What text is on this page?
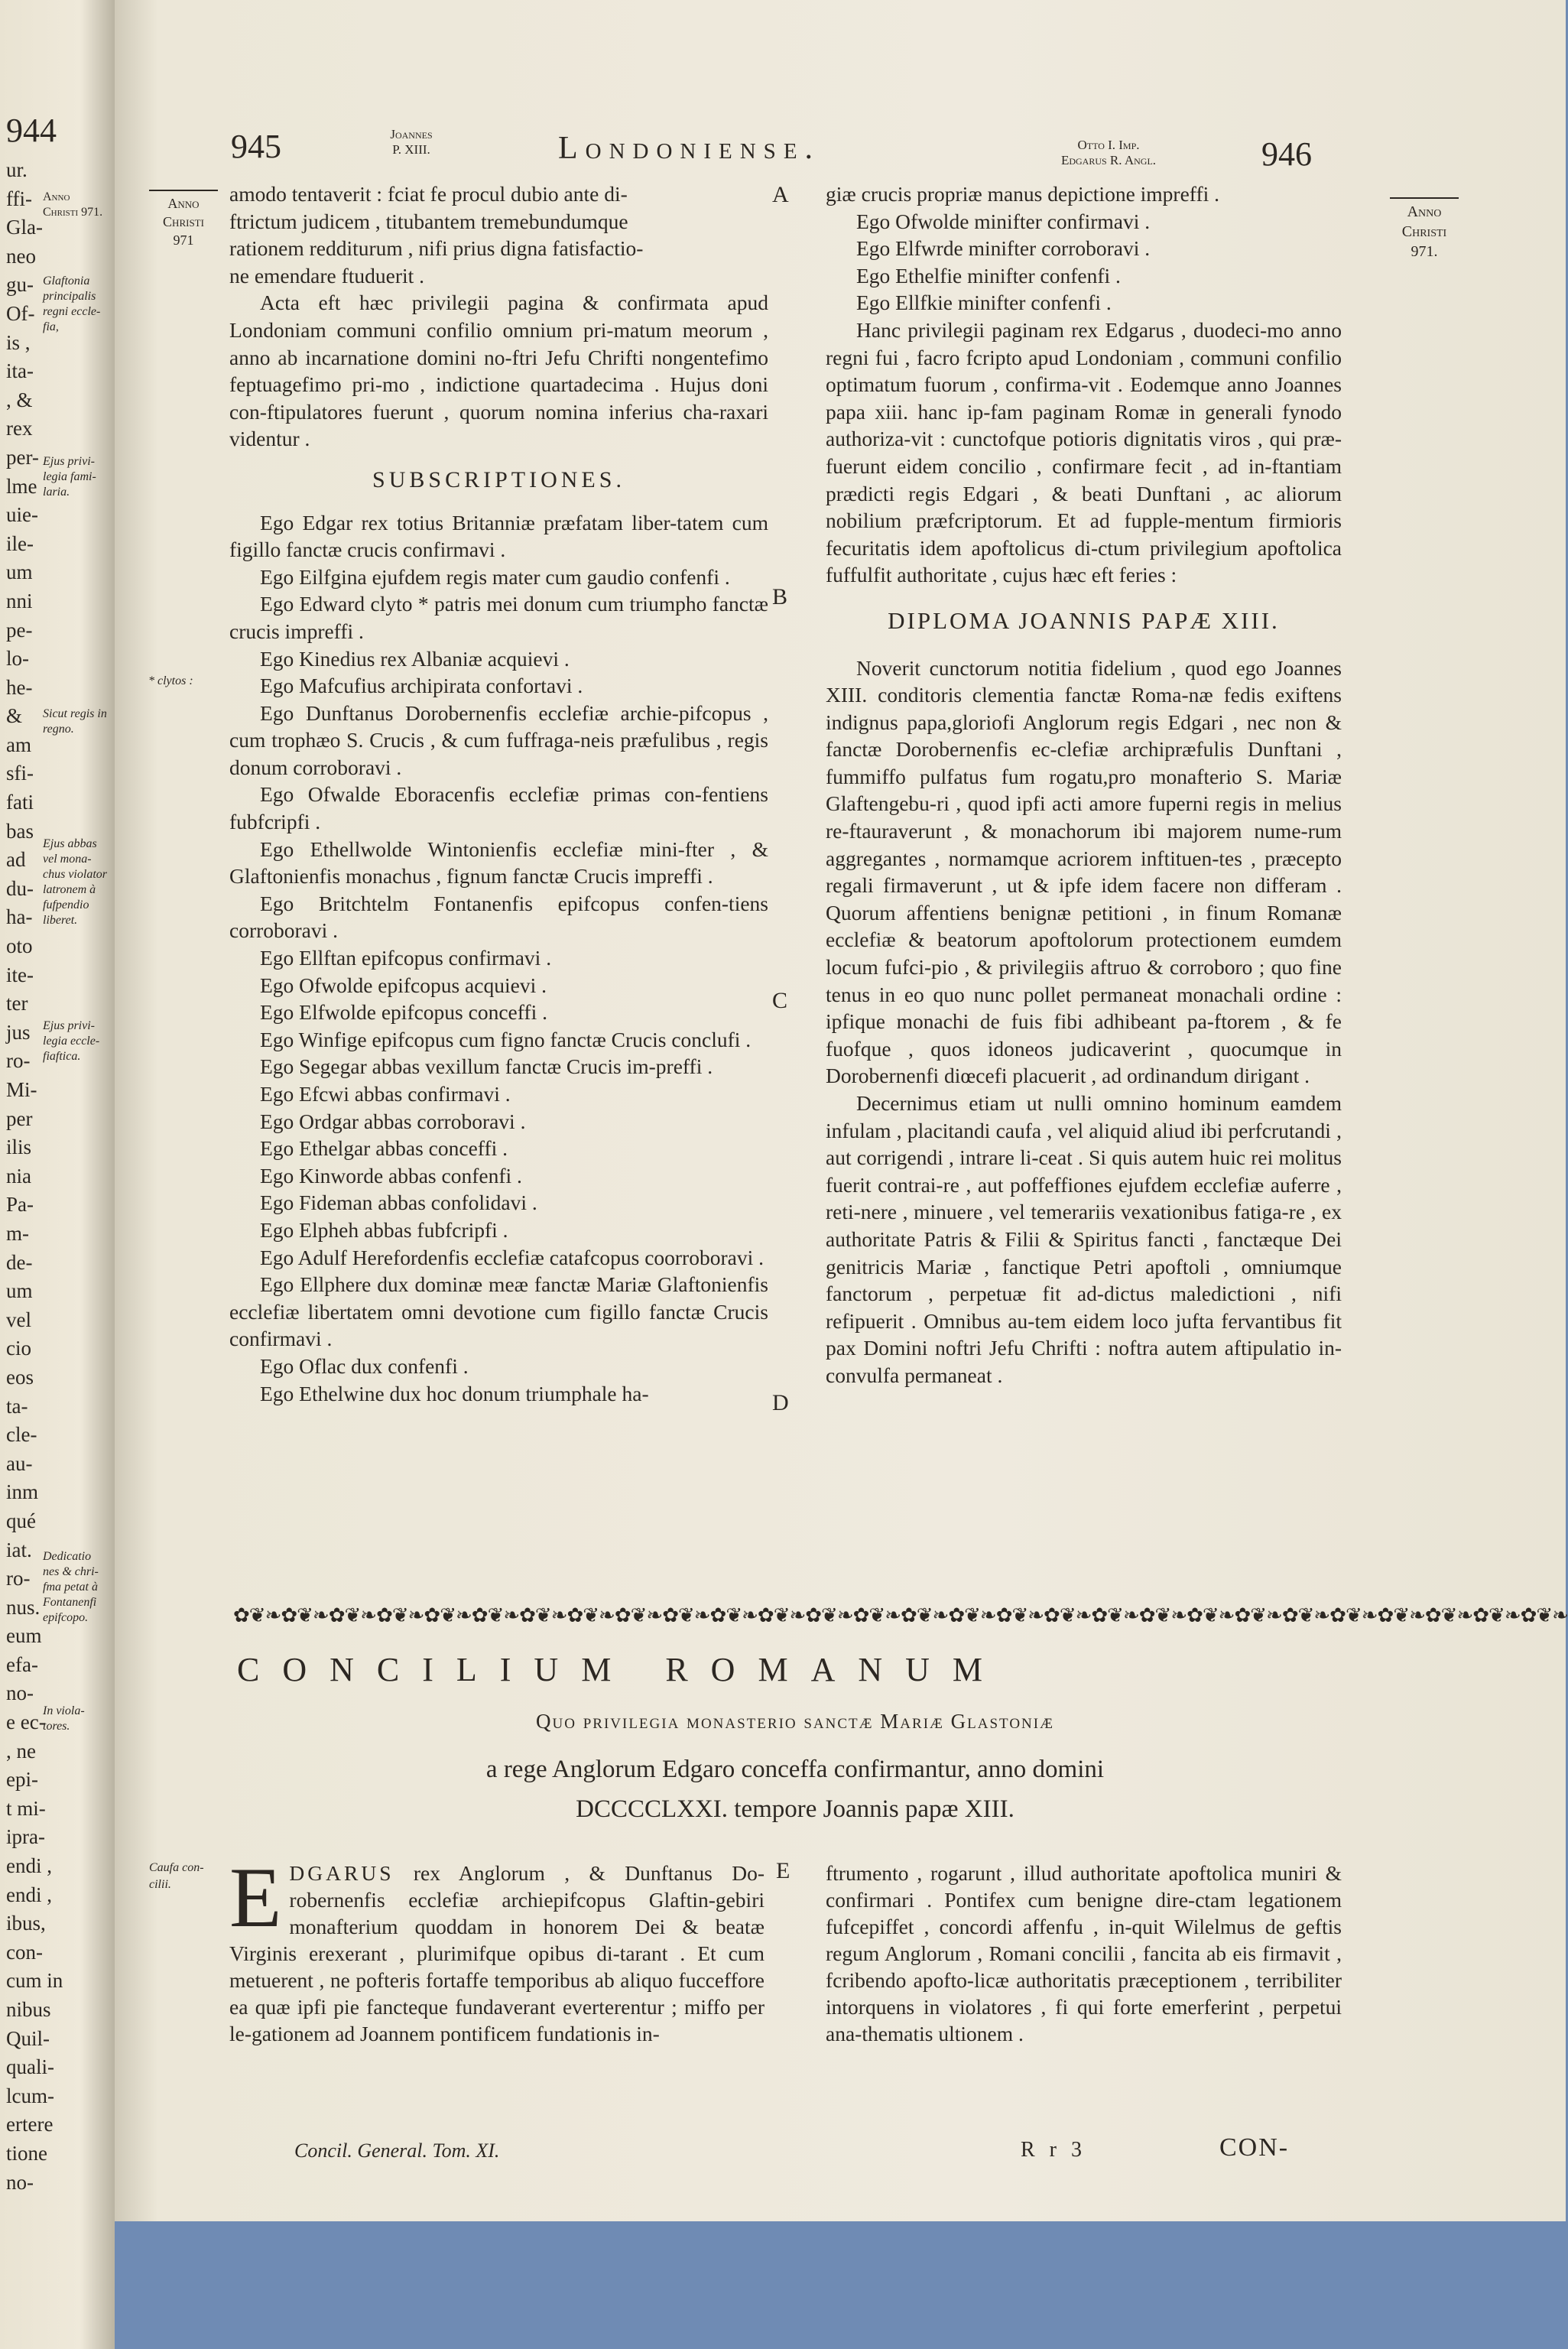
944
ur.
ffi-
Gla-
neo
gu-
Of-
is ,
ita-
, &
rex
per-
lme
uie-
ile-
um
nni
pe-
lo-
he-
&
am
sfi-
fati
bas
ad
du-
ha-
oto
ite-
ter
jus
ro-
Mi-
per
ilis
nia
Pa-
m-
de-
um
vel
cio
eos
ta-
cle-
au-
inm
qué
iat.
ro-
nus.
eum
efa-
no-
e ec-
, ne
epi-
t mi-
ipra-
endi ,
endi ,
ibus,
con-
cum in
nibus
Quil-
quali-
lcum-
ertere
tione
no-
Anno Christi 971.
Glaftonia principalis regni eccle-fia,
Ejus privi-legia fami-laria.
Sicut regis in regno.
Ejus abbas vel mona-chus violator latronem à fufpendio liberet.
Ejus privi-legia eccle-fiaftica.
Dedicatio nes & chri-fma petat à Fontanenfi epifcopo.
In viola-tores.
945	Joannes
P. XIII.	Londoniense.	Otto I. Imp.
Edgarus R. Angl.	946
Anno
Christi
971
* clytos :
Anno
Christi
971.
Caufa con-
cilii.
A
B
C
D
E

amodo tentaverit : fciat fe procul dubio ante di-

ftrictum judicem , titubantem tremebundumque

rationem redditurum , nifi prius digna fatisfactio-

ne emendare ftuduerit .

Acta eft hæc privilegii pagina & confirmata apud Londoniam communi confilio omnium pri-matum meorum , anno ab incarnatione domini no-ftri Jefu Chrifti nongentefimo feptuagefimo pri-mo , indictione quartadecima . Hujus doni con-ftipulatores fuerunt , quorum nomina inferius cha-raxari videntur .

SUBSCRIPTIONES.

Ego Edgar rex totius Britanniæ præfatam liber-tatem cum figillo fanctæ crucis confirmavi .

Ego Eilfgina ejufdem regis mater cum gaudio confenfi .

Ego Edward clyto * patris mei donum cum triumpho fanctæ crucis impreffi .

Ego Kinedius rex Albaniæ acquievi .

Ego Mafcufius archipirata confortavi .

Ego Dunftanus Dorobernenfis ecclefiæ archie-pifcopus , cum trophæo S. Crucis , & cum fuffraga-neis præfulibus , regis donum corroboravi .

Ego Ofwalde Eboracenfis ecclefiæ primas con-fentiens fubfcripfi .

Ego Ethellwolde Wintonienfis ecclefiæ mini-fter , & Glaftonienfis monachus , fignum fanctæ Crucis impreffi .

Ego Britchtelm Fontanenfis epifcopus confen-tiens corroboravi .

Ego Ellftan epifcopus confirmavi .

Ego Ofwolde epifcopus acquievi .

Ego Elfwolde epifcopus conceffi .

Ego Winfige epifcopus cum figno fanctæ Crucis conclufi .

Ego Segegar abbas vexillum fanctæ Crucis im-preffi .

Ego Efcwi abbas confirmavi .

Ego Ordgar abbas corroboravi .

Ego Ethelgar abbas conceffi .

Ego Kinworde abbas confenfi .

Ego Fideman abbas confolidavi .

Ego Elpheh abbas fubfcripfi .

Ego Adulf Herefordenfis ecclefiæ catafcopus coorroboravi .

Ego Ellphere dux dominæ meæ fanctæ Mariæ Glaftonienfis ecclefiæ libertatem omni devotione cum figillo fanctæ Crucis confirmavi .

Ego Oflac dux confenfi .

Ego Ethelwine dux hoc donum triumphale ha-

giæ crucis propriæ manus depictione impreffi .

Ego Ofwolde minifter confirmavi .

Ego Elfwrde minifter corroboravi .

Ego Ethelfie minifter confenfi .

Ego Ellfkie minifter confenfi .

Hanc privilegii paginam rex Edgarus , duodeci-mo anno regni fui , facro fcripto apud Londoniam , communi confilio optimatum fuorum , confirma-vit . Eodemque anno Joannes papa xiii. hanc ip-fam paginam Romæ in generali fynodo authoriza-vit : cunctofque potioris dignitatis viros , qui præ-fuerunt eidem concilio , confirmare fecit , ad in-ftantiam prædicti regis Edgari , & beati Dunftani , ac aliorum nobilium præfcriptorum. Et ad fupple-mentum firmioris fecuritatis idem apoftolicus di-ctum privilegium apoftolica fuffulfit authoritate , cujus hæc eft feries :

DIPLOMA JOANNIS PAPÆ XIII.

Noverit cunctorum notitia fidelium , quod ego Joannes XIII. conditoris clementia fanctæ Roma-næ fedis exiftens indignus papa,gloriofi Anglorum regis Edgari , nec non & fanctæ Dorobernenfis ec-clefiæ archipræfulis Dunftani , fummiffo pulfatus fum rogatu,pro monafterio S. Mariæ Glaftengebu-ri , quod ipfi acti amore fuperni regis in melius re-ftauraverunt , & monachorum ibi majorem nume-rum aggregantes , normamque acriorem inftituen-tes , præcepto regali firmaverunt , ut & ipfe idem facere non differam . Quorum affentiens benignæ petitioni , in finum Romanæ ecclefiæ & beatorum apoftolorum protectionem eumdem locum fufci-pio , & privilegiis aftruo & corroboro ; quo fine tenus in eo quo nunc pollet permaneat monachali ordine : ipfique monachi de fuis fibi adhibeant pa-ftorem , & fe fuofque , quos idoneos judicaverint , quocumque in Dorobernenfi diœcefi placuerit , ad ordinandum dirigant .

Decernimus etiam ut nulli omnino hominum eamdem infulam , placitandi caufa , vel aliquid aliud ibi perfcrutandi , aut corrigendi , intrare li-ceat . Si quis autem huic rei molitus fuerit contrai-re , aut poffeffiones ejufdem ecclefiæ auferre , reti-nere , minuere , vel temerariis vexationibus fatiga-re , ex authoritate Patris & Filii & Spiritus fancti , fanctæque Dei genitricis Mariæ , fanctique Petri apoftoli , omniumque fanctorum , perpetuæ fit ad-dictus maledictioni , nifi refipuerit . Omnibus au-tem eidem loco jufta fervantibus fit pax Domini noftri Jefu Chrifti : noftra autem aftipulatio in-convulfa permaneat .

✿❦❧✿❦❧✿❦❧✿❦❧✿❦❧✿❦❧✿❦❧✿❦❧✿❦❧✿❦❧✿❦❧✿❦❧✿❦❧✿❦❧✿❦❧✿❦❧✿❦❧✿❦❧✿❦❧✿❦❧✿❦❧✿❦❧✿❦❧✿❦❧✿❦❧✿❦❧✿❦❧✿❦❧
CONCILIUM ROMANUM
Quo privilegia monasterio sanctæ Mariæ Glastoniæ
a rege Anglorum Edgaro conceffa confirmantur, anno domini
DCCCCLXXI. tempore Joannis papæ XIII.
E DGARUS rex Anglorum , & Dunftanus Do-robernenfis ecclefiæ archiepifcopus Glaftin-gebiri monafterium quoddam in honorem Dei & beatæ Virginis erexerant , plurimifque opibus di-tarant . Et cum metuerent , ne pofteris fortaffe temporibus ab aliquo fucceffore ea quæ ipfi pie fancteque fundaverant everterentur ; miffo per le-gationem ad Joannem pontificem fundationis in-
ftrumento , rogarunt , illud authoritate apoftolica muniri & confirmari . Pontifex cum benigne dire-ctam legationem fufcepiffet , concordi affenfu , in-quit Wilelmus de geftis regum Anglorum , Romani concilii , fancita ab eis firmavit , fcribendo apofto-licæ authoritatis præceptionem , terribiliter intorquens in violatores , fi qui forte emerferint , perpetui ana-thematis ultionem .
Concil. General. Tom. XI.	R r 3	CON-
